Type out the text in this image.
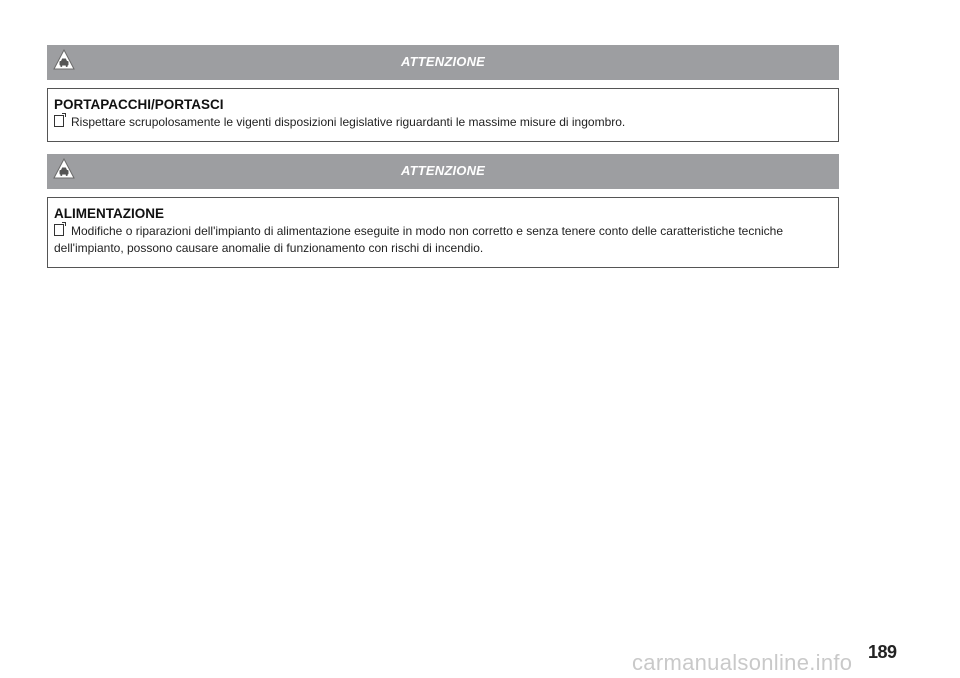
ATTENZIONE
PORTAPACCHI/PORTASCI

Rispettare scrupolosamente le vigenti disposizioni legislative riguardanti le massime misure di ingombro.

ATTENZIONE
ALIMENTAZIONE

Modifiche o riparazioni dell'impianto di alimentazione eseguite in modo non corretto e senza tenere conto delle caratteristiche tecniche dell'impianto, possono causare anomalie di funzionamento con rischi di incendio.

189
carmanualsonline.info
